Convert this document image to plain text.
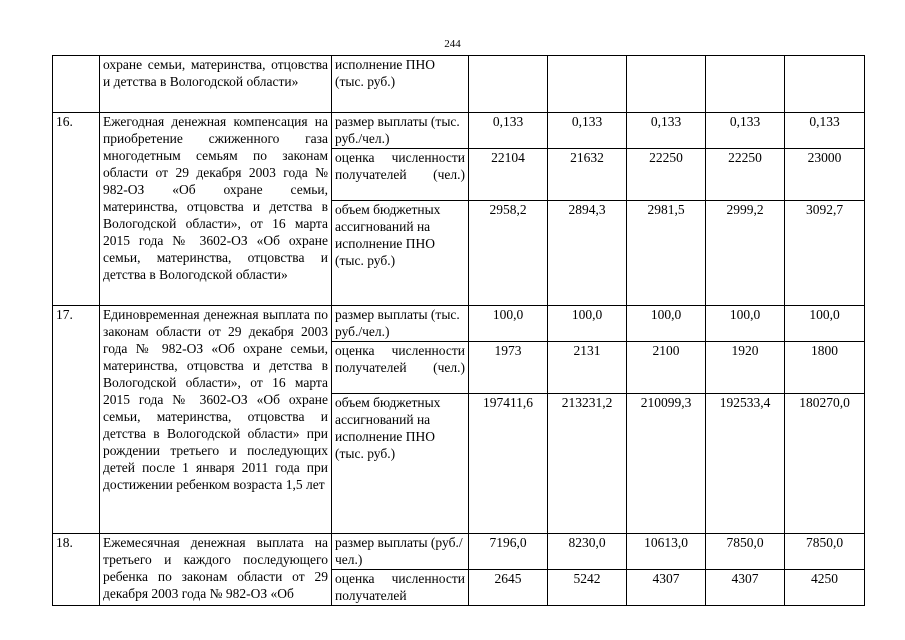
244
	охране семьи, материнства, отцовства и детства в Вологодской области»	исполнение ПНО (тыс. руб.)					
16.	Ежегодная денежная компенсация на приобретение сжиженного газа многодетным семьям по законам области от 29 декабря 2003 года № 982-ОЗ «Об охране семьи, материнства, отцовства и детства в Вологодской области», от 16 марта 2015 года № 3602-ОЗ «Об охране семьи, материнства, отцовства и детства в Вологодской области»	размер выплаты (тыс. руб./чел.)	0,133	0,133	0,133	0,133	0,133

		оценка численности получателей (чел.)	22104	21632	22250	22250	23000
		объем бюджетных ассигнований на исполнение ПНО (тыс. руб.)	2958,2	2894,3	2981,5	2999,2	3092,7
17.	Единовременная денежная выплата по законам области от 29 декабря 2003 года № 982-ОЗ «Об охране семьи, материнства, отцовства и детства в Вологодской области», от 16 марта 2015 года № 3602-ОЗ «Об охране семьи, материнства, отцовства и детства в Вологодской области» при рождении третьего и последующих детей после 1 января 2011 года при достижении ребенком возраста 1,5 лет	размер выплаты (тыс. руб./чел.)	100,0	100,0	100,0	100,0	100,0

		оценка численности получателей (чел.)	1973	2131	2100	1920	1800
		объем бюджетных ассигнований на исполнение ПНО (тыс. руб.)	197411,6	213231,2	210099,3	192533,4	180270,0
18.	Ежемесячная денежная выплата на третьего и каждого последующего ребенка по законам области от 29 декабря 2003 года № 982-ОЗ «Об	размер выплаты (руб./чел.)	7196,0	8230,0	10613,0	7850,0	7850,0

		оценка численности получателей	2645	5242	4307	4307	4250
